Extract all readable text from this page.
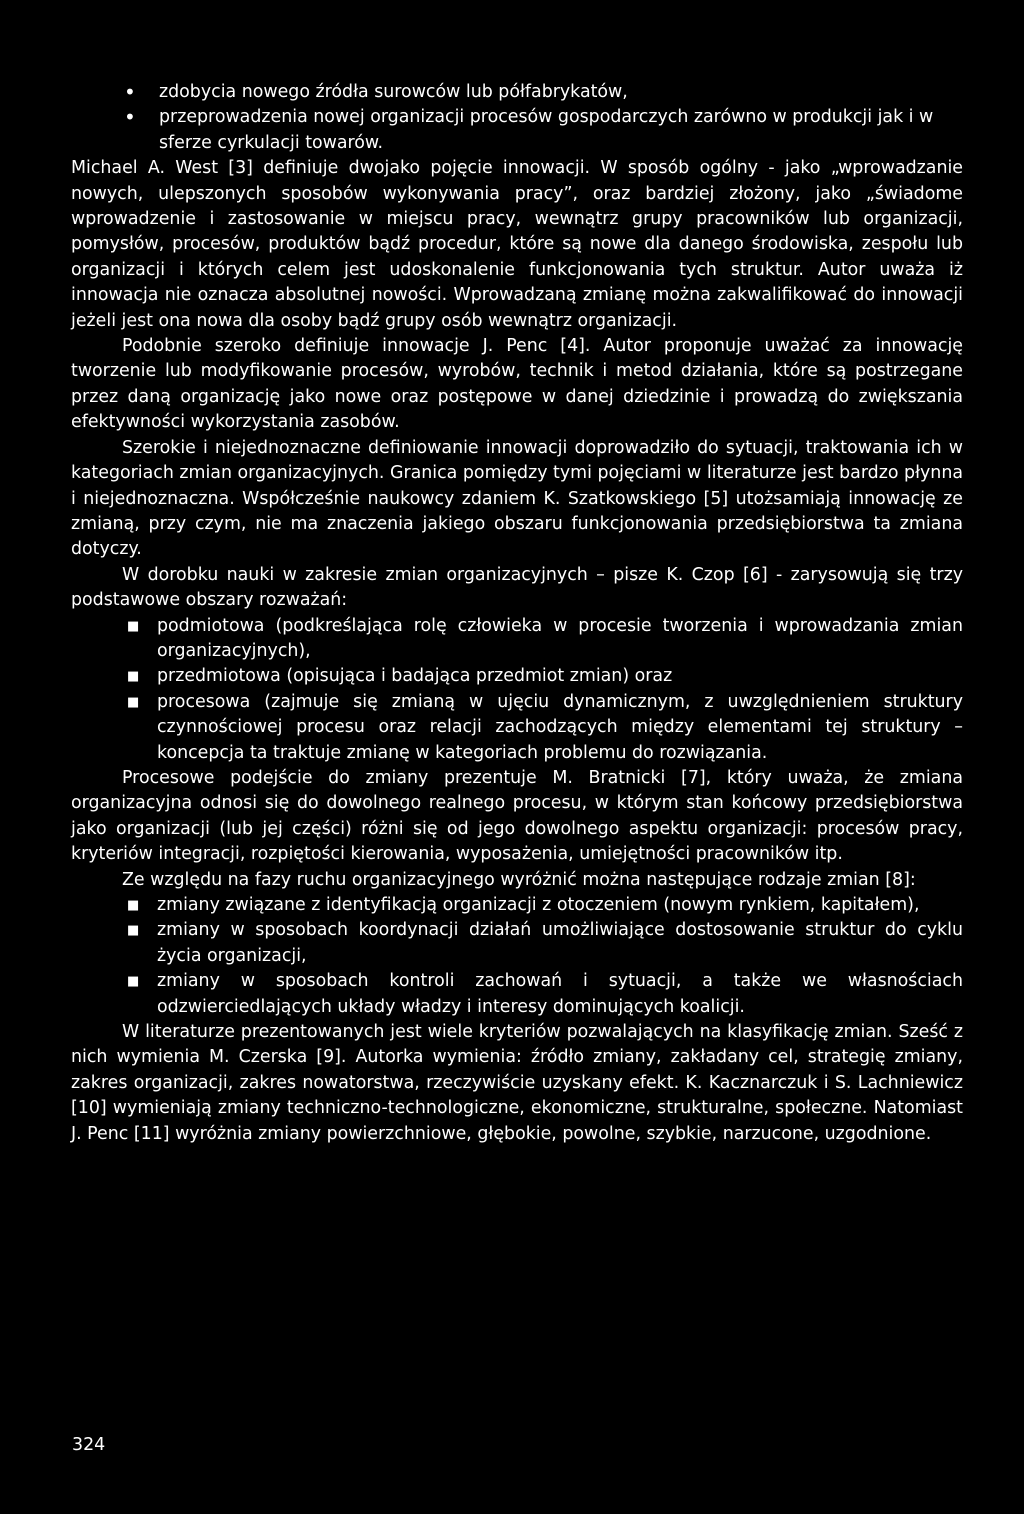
• zdobycia nowego źródła surowców lub półfabrykatów,
• przeprowadzenia nowej organizacji procesów gospodarczych zarówno w produkcji jak i w sferze cyrkulacji towarów.

Michael A. West [3] definiuje dwojako pojęcie innowacji. W sposób ogólny - jako „wprowadzanie nowych, ulepszonych sposobów wykonywania pracy”, oraz bardziej złożony, jako „świadome wprowadzenie i zastosowanie w miejscu pracy, wewnątrz grupy pracowników lub organizacji, pomysłów, procesów, produktów bądź procedur, które są nowe dla danego środowiska, zespołu lub organizacji i których celem jest udoskonalenie funkcjonowania tych struktur. Autor uważa iż innowacja nie oznacza absolutnej nowości. Wprowadzaną zmianę można zakwalifikować do innowacji jeżeli jest ona nowa dla osoby bądź grupy osób wewnątrz organizacji.

Podobnie szeroko definiuje innowacje J. Penc [4]. Autor proponuje uważać za innowację tworzenie lub modyfikowanie procesów, wyrobów, technik i metod działania, które są postrzegane przez daną organizację jako nowe oraz postępowe w danej dziedzinie i prowadzą do zwiększania efektywności wykorzystania zasobów.

Szerokie i niejednoznaczne definiowanie innowacji doprowadziło do sytuacji, traktowania ich w kategoriach zmian organizacyjnych. Granica pomiędzy tymi pojęciami w literaturze jest bardzo płynna i niejednoznaczna. Współcześnie naukowcy zdaniem K. Szatkowskiego [5] utożsamiają innowację ze zmianą, przy czym, nie ma znaczenia jakiego obszaru funkcjonowania przedsiębiorstwa ta zmiana dotyczy.

W dorobku nauki w zakresie zmian organizacyjnych – pisze K. Czop [6] - zarysowują się trzy podstawowe obszary rozważań:

■ podmiotowa (podkreślająca rolę człowieka w procesie tworzenia i wprowadzania zmian organizacyjnych),
■ przedmiotowa (opisująca i badająca przedmiot zmian) oraz
■ procesowa (zajmuje się zmianą w ujęciu dynamicznym, z uwzględnieniem struktury czynnościowej procesu oraz relacji zachodzących między elementami tej struktury – koncepcja ta traktuje zmianę w kategoriach problemu do rozwiązania.

Procesowe podejście do zmiany prezentuje M. Bratnicki [7], który uważa, że zmiana organizacyjna odnosi się do dowolnego realnego procesu, w którym stan końcowy przedsiębiorstwa jako organizacji (lub jej części) różni się od jego dowolnego aspektu organizacji: procesów pracy, kryteriów integracji, rozpiętości kierowania, wyposażenia, umiejętności pracowników itp.

Ze względu na fazy ruchu organizacyjnego wyróżnić można następujące rodzaje zmian [8]:

■ zmiany związane z identyfikacją organizacji z otoczeniem (nowym rynkiem, kapitałem),
■ zmiany w sposobach koordynacji działań umożliwiające dostosowanie struktur do cyklu życia organizacji,
■ zmiany w sposobach kontroli zachowań i sytuacji, a także we własnościach odzwierciedlających układy władzy i interesy dominujących koalicji.

W literaturze prezentowanych jest wiele kryteriów pozwalających na klasyfikację zmian. Sześć z nich wymienia M. Czerska [9]. Autorka wymienia: źródło zmiany, zakładany cel, strategię zmiany, zakres organizacji, zakres nowatorstwa, rzeczywiście uzyskany efekt. K. Kacznarczuk i S. Lachniewicz [10] wymieniają zmiany techniczno-technologiczne, ekonomiczne, strukturalne, społeczne. Natomiast J. Penc [11] wyróżnia zmiany powierzchniowe, głębokie, powolne, szybkie, narzucone, uzgodnione.

324
